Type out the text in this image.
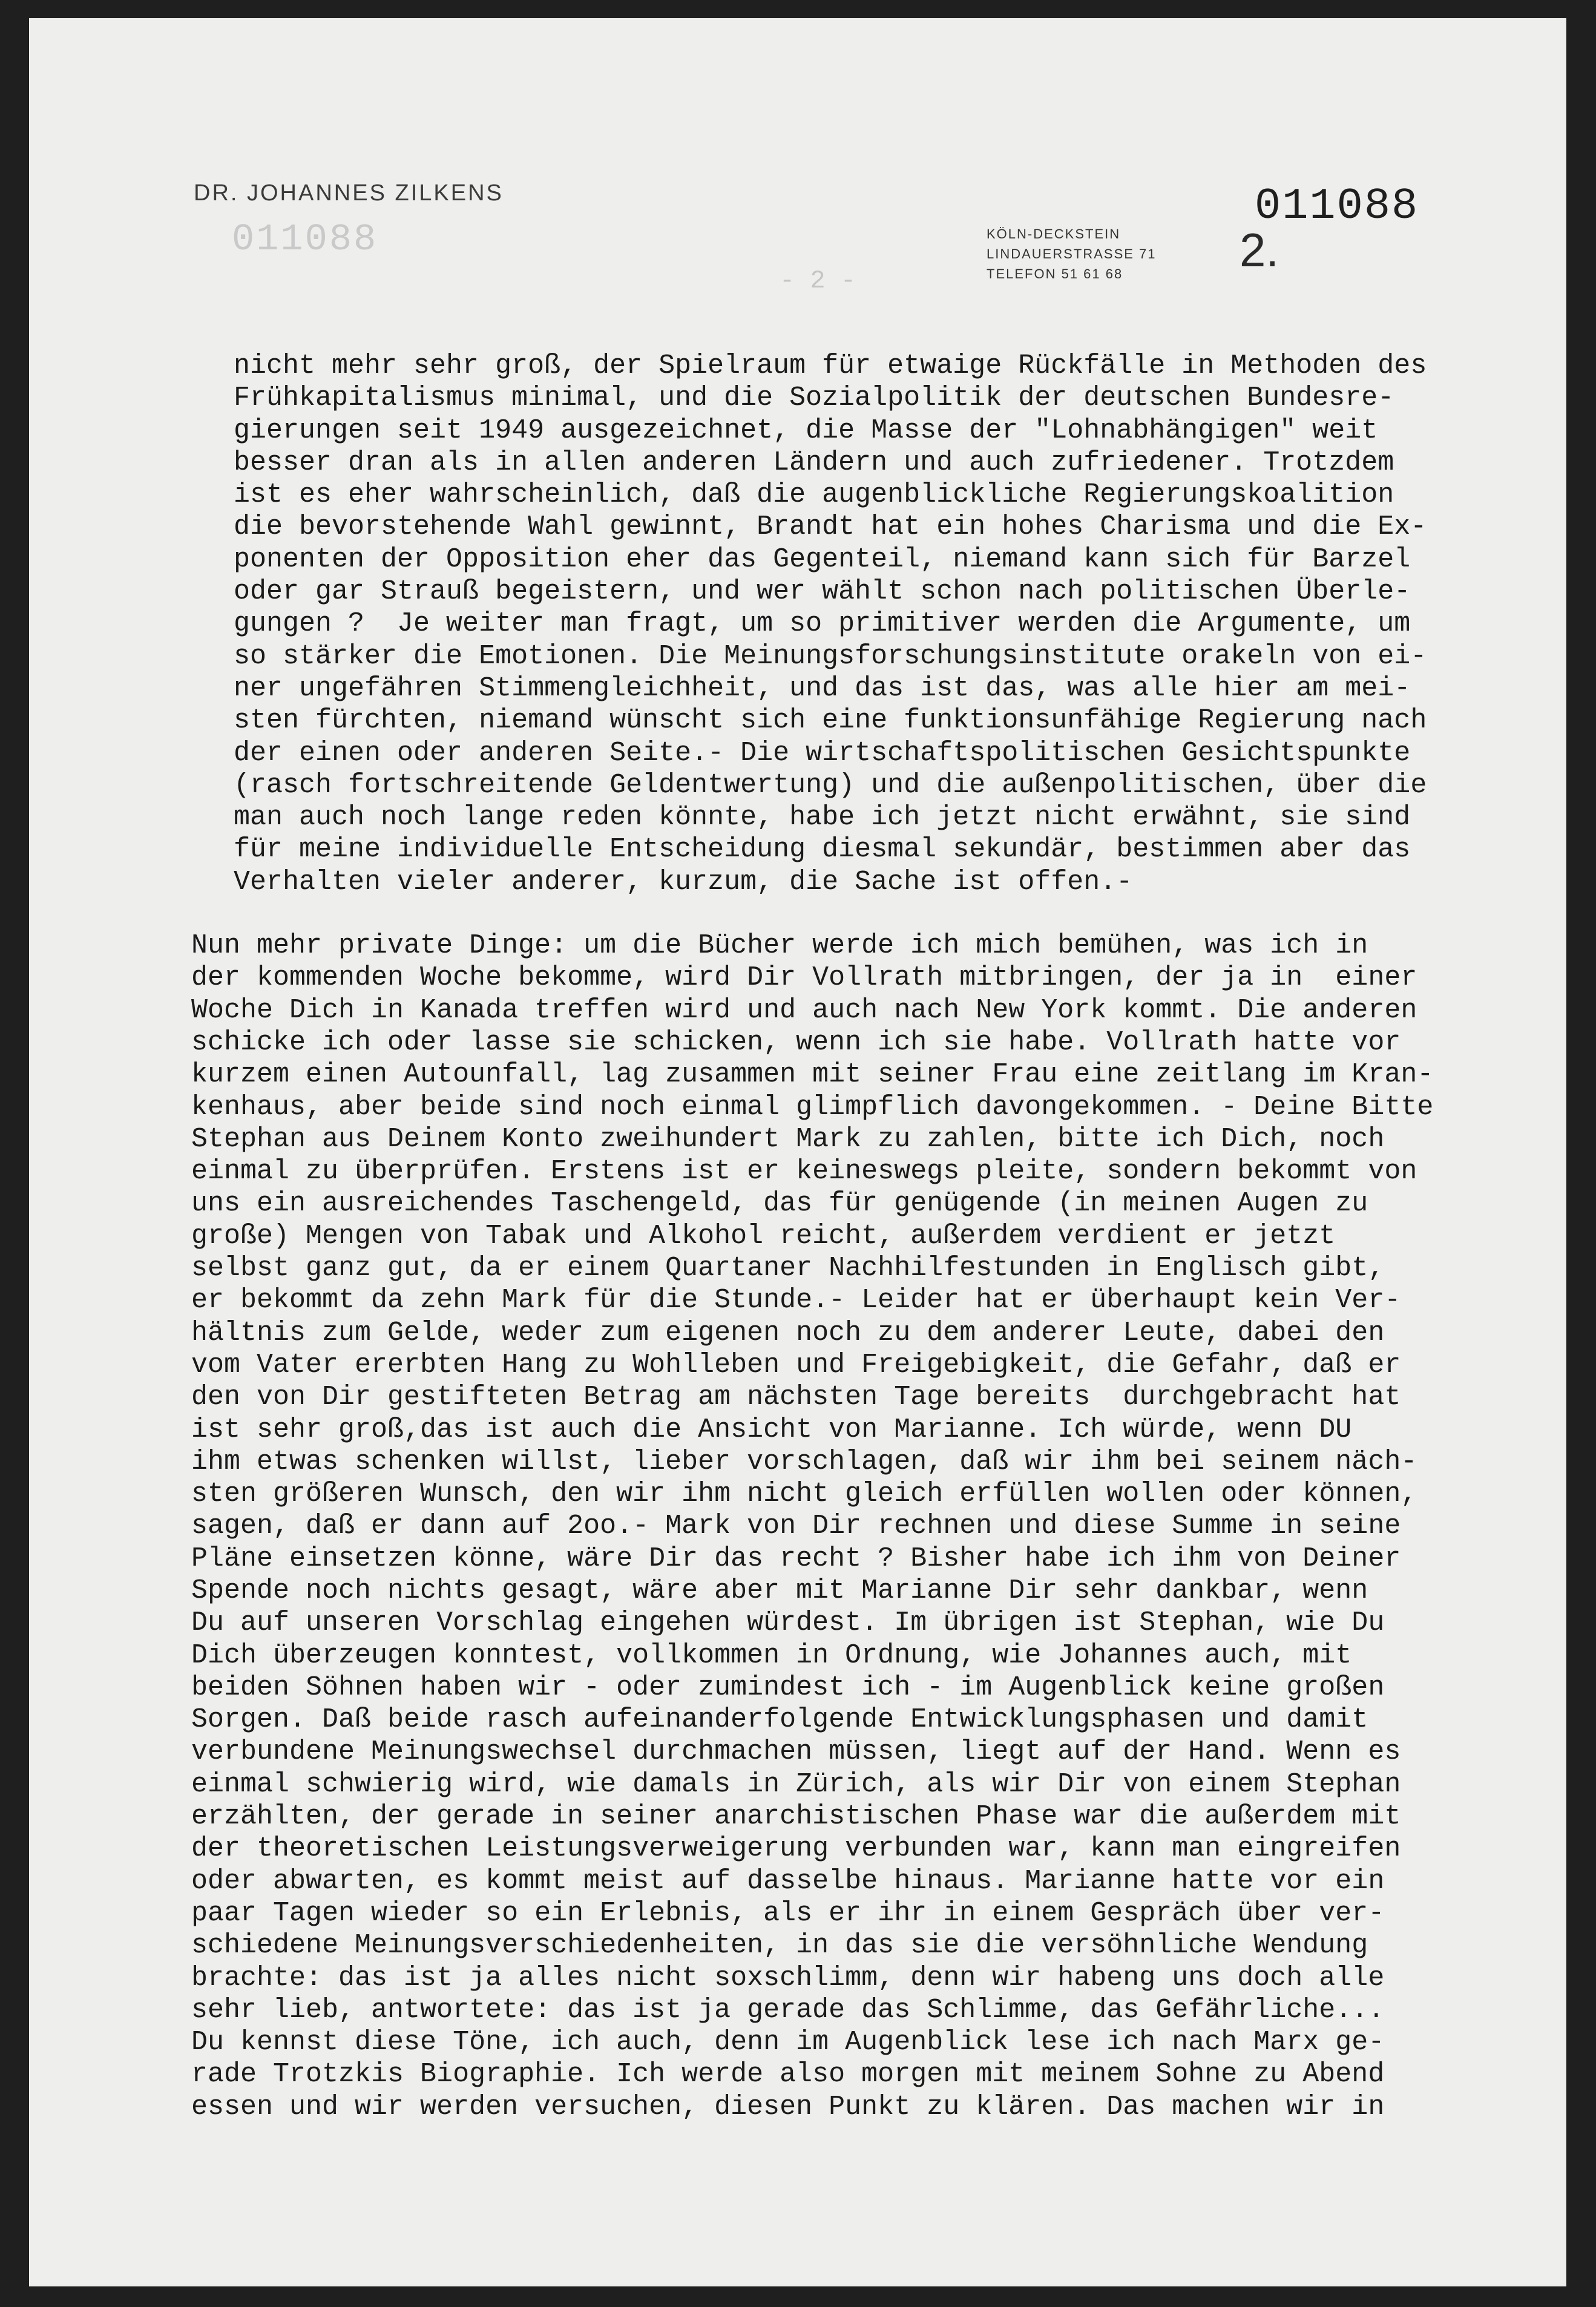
DR. JOHANNES ZILKENS
011088	KÖLN-DECKSTEIN
LINDAUERSTRASSE 71
TELEFON 51 61 68
011088
2.
- 2 -
nicht mehr sehr groß, der Spielraum für etwaige Rückfälle in Methoden des
Frühkapitalismus minimal, und die Sozialpolitik der deutschen Bundesre-
gierungen seit 1949 ausgezeichnet, die Masse der "Lohnabhängigen" weit
besser dran als in allen anderen Ländern und auch zufriedener. Trotzdem
ist es eher wahrscheinlich, daß die augenblickliche Regierungskoalition
die bevorstehende Wahl gewinnt, Brandt hat ein hohes Charisma und die Ex-
ponenten der Opposition eher das Gegenteil, niemand kann sich für Barzel
oder gar Strauß begeistern, und wer wählt schon nach politischen Überle-
gungen ?  Je weiter man fragt, um so primitiver werden die Argumente, um
so stärker die Emotionen. Die Meinungsforschungsinstitute orakeln von ei-
ner ungefähren Stimmengleichheit, und das ist das, was alle hier am mei-
sten fürchten, niemand wünscht sich eine funktionsunfähige Regierung nach
der einen oder anderen Seite.- Die wirtschaftspolitischen Gesichtspunkte
(rasch fortschreitende Geldentwertung) und die außenpolitischen, über die
man auch noch lange reden könnte, habe ich jetzt nicht erwähnt, sie sind
für meine individuelle Entscheidung diesmal sekundär, bestimmen aber das
Verhalten vieler anderer, kurzum, die Sache ist offen.-
Nun mehr private Dinge: um die Bücher werde ich mich bemühen, was ich in
der kommenden Woche bekomme, wird Dir Vollrath mitbringen, der ja in  einer
Woche Dich in Kanada treffen wird und auch nach New York kommt. Die anderen
schicke ich oder lasse sie schicken, wenn ich sie habe. Vollrath hatte vor
kurzem einen Autounfall, lag zusammen mit seiner Frau eine zeitlang im Kran-
kenhaus, aber beide sind noch einmal glimpflich davongekommen. - Deine Bitte
Stephan aus Deinem Konto zweihundert Mark zu zahlen, bitte ich Dich, noch
einmal zu überprüfen. Erstens ist er keineswegs pleite, sondern bekommt von
uns ein ausreichendes Taschengeld, das für genügende (in meinen Augen zu
große) Mengen von Tabak und Alkohol reicht, außerdem verdient er jetzt
selbst ganz gut, da er einem Quartaner Nachhilfestunden in Englisch gibt,
er bekommt da zehn Mark für die Stunde.- Leider hat er überhaupt kein Ver-
hältnis zum Gelde, weder zum eigenen noch zu dem anderer Leute, dabei den
vom Vater ererbten Hang zu Wohlleben und Freigebigkeit, die Gefahr, daß er
den von Dir gestifteten Betrag am nächsten Tage bereits  durchgebracht hat
ist sehr groß,das ist auch die Ansicht von Marianne. Ich würde, wenn DU
ihm etwas schenken willst, lieber vorschlagen, daß wir ihm bei seinem näch-
sten größeren Wunsch, den wir ihm nicht gleich erfüllen wollen oder können,
sagen, daß er dann auf 2oo.- Mark von Dir rechnen und diese Summe in seine
Pläne einsetzen könne, wäre Dir das recht ? Bisher habe ich ihm von Deiner
Spende noch nichts gesagt, wäre aber mit Marianne Dir sehr dankbar, wenn
Du auf unseren Vorschlag eingehen würdest. Im übrigen ist Stephan, wie Du
Dich überzeugen konntest, vollkommen in Ordnung, wie Johannes auch, mit
beiden Söhnen haben wir - oder zumindest ich - im Augenblick keine großen
Sorgen. Daß beide rasch aufeinanderfolgende Entwicklungsphasen und damit
verbundene Meinungswechsel durchmachen müssen, liegt auf der Hand. Wenn es
einmal schwierig wird, wie damals in Zürich, als wir Dir von einem Stephan
erzählten, der gerade in seiner anarchistischen Phase war die außerdem mit
der theoretischen Leistungsverweigerung verbunden war, kann man eingreifen
oder abwarten, es kommt meist auf dasselbe hinaus. Marianne hatte vor ein
paar Tagen wieder so ein Erlebnis, als er ihr in einem Gespräch über ver-
schiedene Meinungsverschiedenheiten, in das sie die versöhnliche Wendung
brachte: das ist ja alles nicht soxschlimm, denn wir habeng uns doch alle
sehr lieb, antwortete: das ist ja gerade das Schlimme, das Gefährliche...
Du kennst diese Töne, ich auch, denn im Augenblick lese ich nach Marx ge-
rade Trotzkis Biographie. Ich werde also morgen mit meinem Sohne zu Abend
essen und wir werden versuchen, diesen Punkt zu klären. Das machen wir in
